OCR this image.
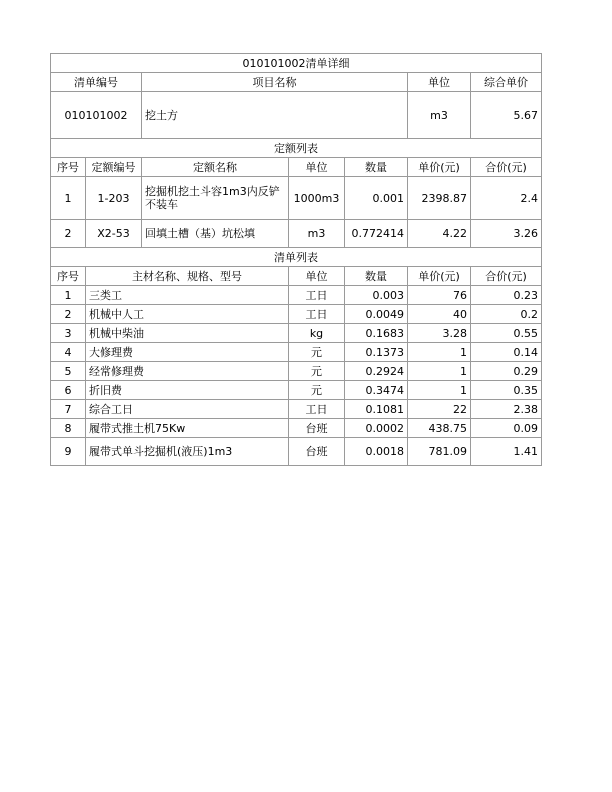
010101002清单详细						
清单编号		项目名称			单位	综合单价
010101002		挖土方			m3	5.67
定额列表						
序号	定额编号	定额名称	单位	数量	单价(元)	合价(元)
1	1-203	挖掘机挖土斗容1m3内反铲 不装车	1000m3	0.001	2398.87	2.4
2	X2-53	回填土槽（基）坑松填	m3	0.772414	4.22	3.26
清单列表						
序号	主材名称、规格、型号		单位	数量	单价(元)	合价(元)
1	三类工		工日	0.003	76	0.23
2	机械中人工		工日	0.0049	40	0.2
3	机械中柴油		kg	0.1683	3.28	0.55
4	大修理费		元	0.1373	1	0.14
5	经常修理费		元	0.2924	1	0.29
6	折旧费		元	0.3474	1	0.35
7	综合工日		工日	0.1081	22	2.38
8	履带式推土机75Kw		台班	0.0002	438.75	0.09
9	履带式单斗挖掘机(液压)1m3		台班	0.0018	781.09	1.41
